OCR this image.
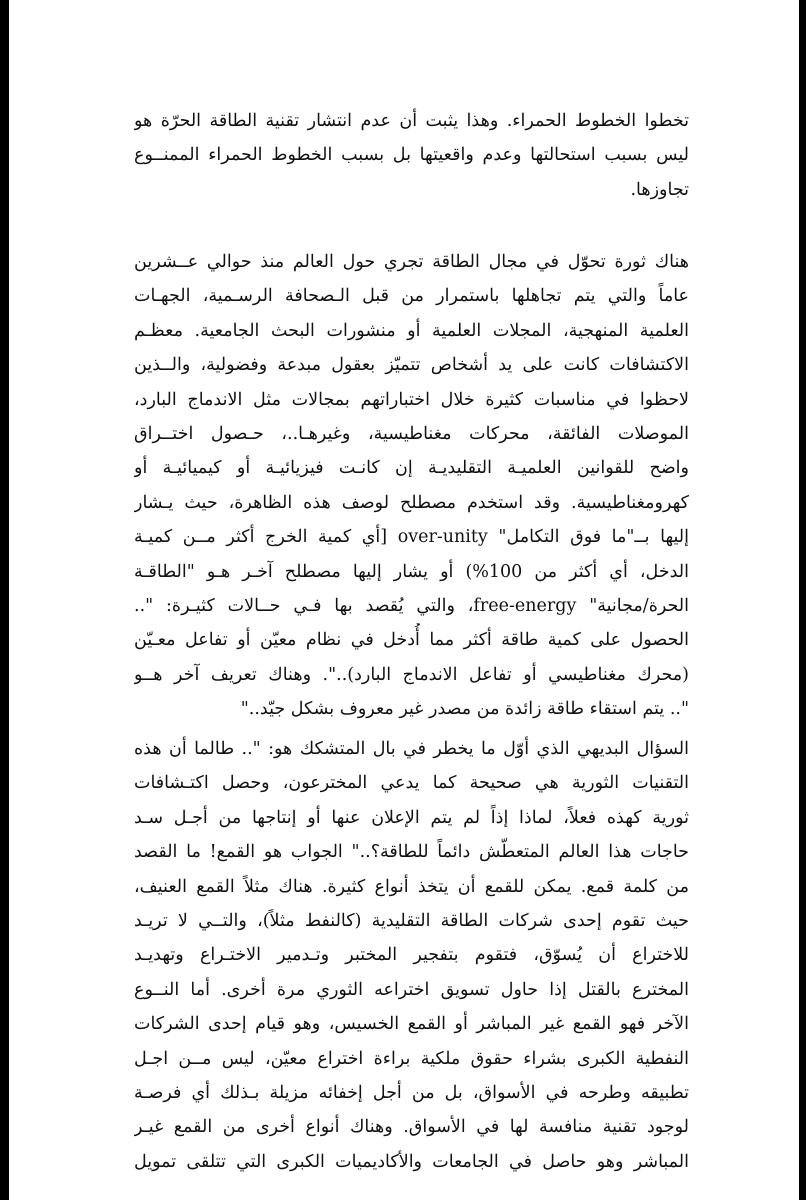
تخطوا الخطوط الحمراء. وهذا يثبت أن عدم انتشار تقنية الطاقة الحرّة هو
ليس بسبب استحالتها وعدم واقعيتها بل بسبب الخطوط الحمراء الممنــوع
تجاوزها.
هناك ثورة تحوّل في مجال الطاقة تجري حول العالم منذ حوالي عــشرين
عاماً والتي يتم تجاهلها باستمرار من قبل الـصحافة الرسـمية، الجهـات
العلمية المنهجية، المجلات العلمية أو منشورات البحث الجامعية. معظـم
الاكتشافات كانت على يد أشخاص تتميّز بعقول مبدعة وفضولية، والــذين
لاحظوا في مناسبات كثيرة خلال اختباراتهم بمجالات مثل الاندماج البارد،
الموصلات الفائقة، محركات مغناطيسية، وغيرهـا..، حـصول اختــراق
واضح للقوانين العلميـة التقليديـة إن كانـت فيزيائيـة أو كيميائيـة أو
كهرومغناطيسية. وقد استخدم مصطلح لوصف هذه الظاهرة، حيث يـشار
إليها بــ"ما فوق التكامل" over-unity [أي كمية الخرج أكثر مــن كميـة
الدخل، أي أكثر من 100%) أو يشار إليها مصطلح آخـر هـو "الطاقـة
الحرة/مجانية" free-energy، والتي يُقصد بها فـي حــالات كثيـرة: "..
الحصول على كمية طاقة أكثر مما أُدخل في نظام معيّن أو تفاعل معـيّن
(محرك مغناطيسي أو تفاعل الاندماج البارد)..". وهناك تعريف آخر هــو
".. يتم استقاء طاقة زائدة من مصدر غير معروف بشكل جيّد.."
السؤال البديهي الذي أوّل ما يخطر في بال المتشكك هو: ".. طالما أن هذه
التقنيات الثورية هي صحيحة كما يدعي المخترعون، وحصل اكتـشافات
ثورية كهذه فعلاً، لماذا إذاً لم يتم الإعلان عنها أو إنتاجها من أجـل سـد
حاجات هذا العالم المتعطّش دائماً للطاقة؟.." الجواب هو القمع! ما القصد
من كلمة قمع. يمكن للقمع أن يتخذ أنواع كثيرة. هناك مثلاً القمع العنيف،
حيث تقوم إحدى شركات الطاقة التقليدية (كالنفط مثلاً)، والتــي لا تريـد
للاختراع أن يُسوّق، فتقوم بتفجير المختبر وتـدمير الاختـراع وتهديـد
المخترع بالقتل إذا حاول تسويق اختراعه الثوري مرة أخرى. أما النــوع
الآخر فهو القمع غير المباشر أو القمع الخسيس، وهو قيام إحدى الشركات
النفطية الكبرى بشراء حقوق ملكية براءة اختراع معيّن، ليس مــن اجـل
تطبيقه وطرحه في الأسواق، بل من أجل إخفائه مزيلة بـذلك أي فرصـة
لوجود تقنية منافسة لها في الأسواق. وهناك أنواع أخرى من القمع غيـر
المباشر وهو حاصل في الجامعات والأكاديميات الكبرى التي تتلقى تمويل
